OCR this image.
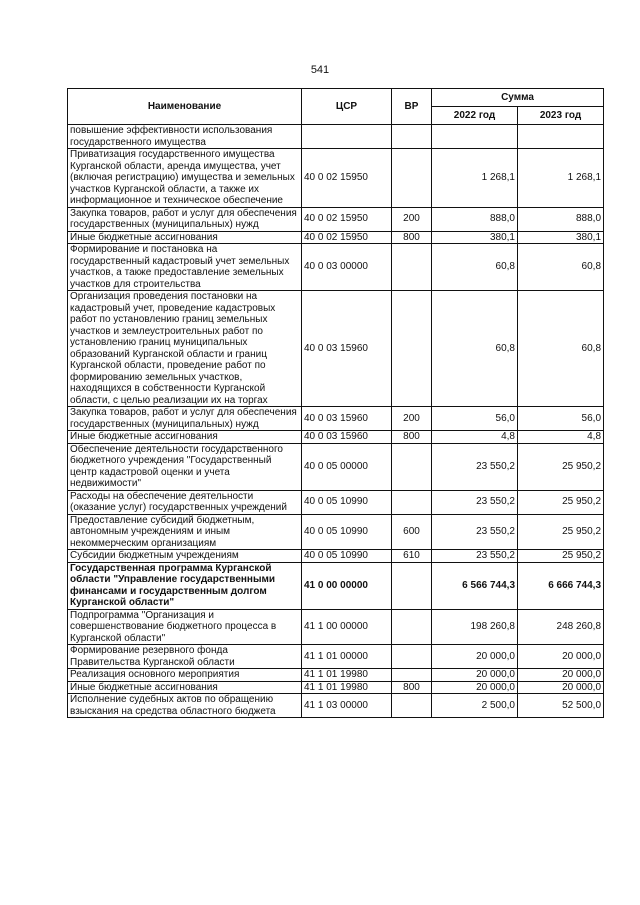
541
Наименование	ЦСР	ВР	Сумма	
			2022 год	2023 год
повышение эффективности использования государственного имущества				
Приватизация государственного имущества Курганской области, аренда имущества, учет (включая регистрацию) имущества и земельных участков Курганской области, а также их информационное и техническое обеспечение	40 0 02 15950		1 268,1	1 268,1
Закупка товаров, работ и услуг для обеспечения государственных (муниципальных) нужд	40 0 02 15950	200	888,0	888,0
Иные бюджетные ассигнования	40 0 02 15950	800	380,1	380,1
Формирование и постановка на государственный кадастровый учет земельных участков, а также предоставление земельных участков для строительства	40 0 03 00000		60,8	60,8
Организация проведения постановки на кадастровый учет, проведение кадастровых работ по установлению границ земельных участков и землеустроительных работ по установлению границ муниципальных образований Курганской области и границ Курганской области, проведение работ по формированию земельных участков, находящихся в собственности Курганской области, с целью реализации их на торгах	40 0 03 15960		60,8	60,8
Закупка товаров, работ и услуг для обеспечения государственных (муниципальных) нужд	40 0 03 15960	200	56,0	56,0
Иные бюджетные ассигнования	40 0 03 15960	800	4,8	4,8
Обеспечение деятельности государственного бюджетного учреждения "Государственный центр кадастровой оценки и учета недвижимости"	40 0 05 00000		23 550,2	25 950,2
Расходы на обеспечение деятельности (оказание услуг) государственных учреждений	40 0 05 10990		23 550,2	25 950,2
Предоставление субсидий бюджетным, автономным учреждениям и иным некоммерческим организациям	40 0 05 10990	600	23 550,2	25 950,2
Субсидии бюджетным учреждениям	40 0 05 10990	610	23 550,2	25 950,2
Государственная программа Курганской области "Управление государственными финансами и государственным долгом Курганской области"	41 0 00 00000		6 566 744,3	6 666 744,3
Подпрограмма "Организация и совершенствование бюджетного процесса в Курганской области"	41 1 00 00000		198 260,8	248 260,8
Формирование резервного фонда Правительства Курганской области	41 1 01 00000		20 000,0	20 000,0
Реализация основного мероприятия	41 1 01 19980		20 000,0	20 000,0
Иные бюджетные ассигнования	41 1 01 19980	800	20 000,0	20 000,0
Исполнение судебных актов по обращению взыскания на средства областного бюджета	41 1 03 00000		2 500,0	52 500,0
